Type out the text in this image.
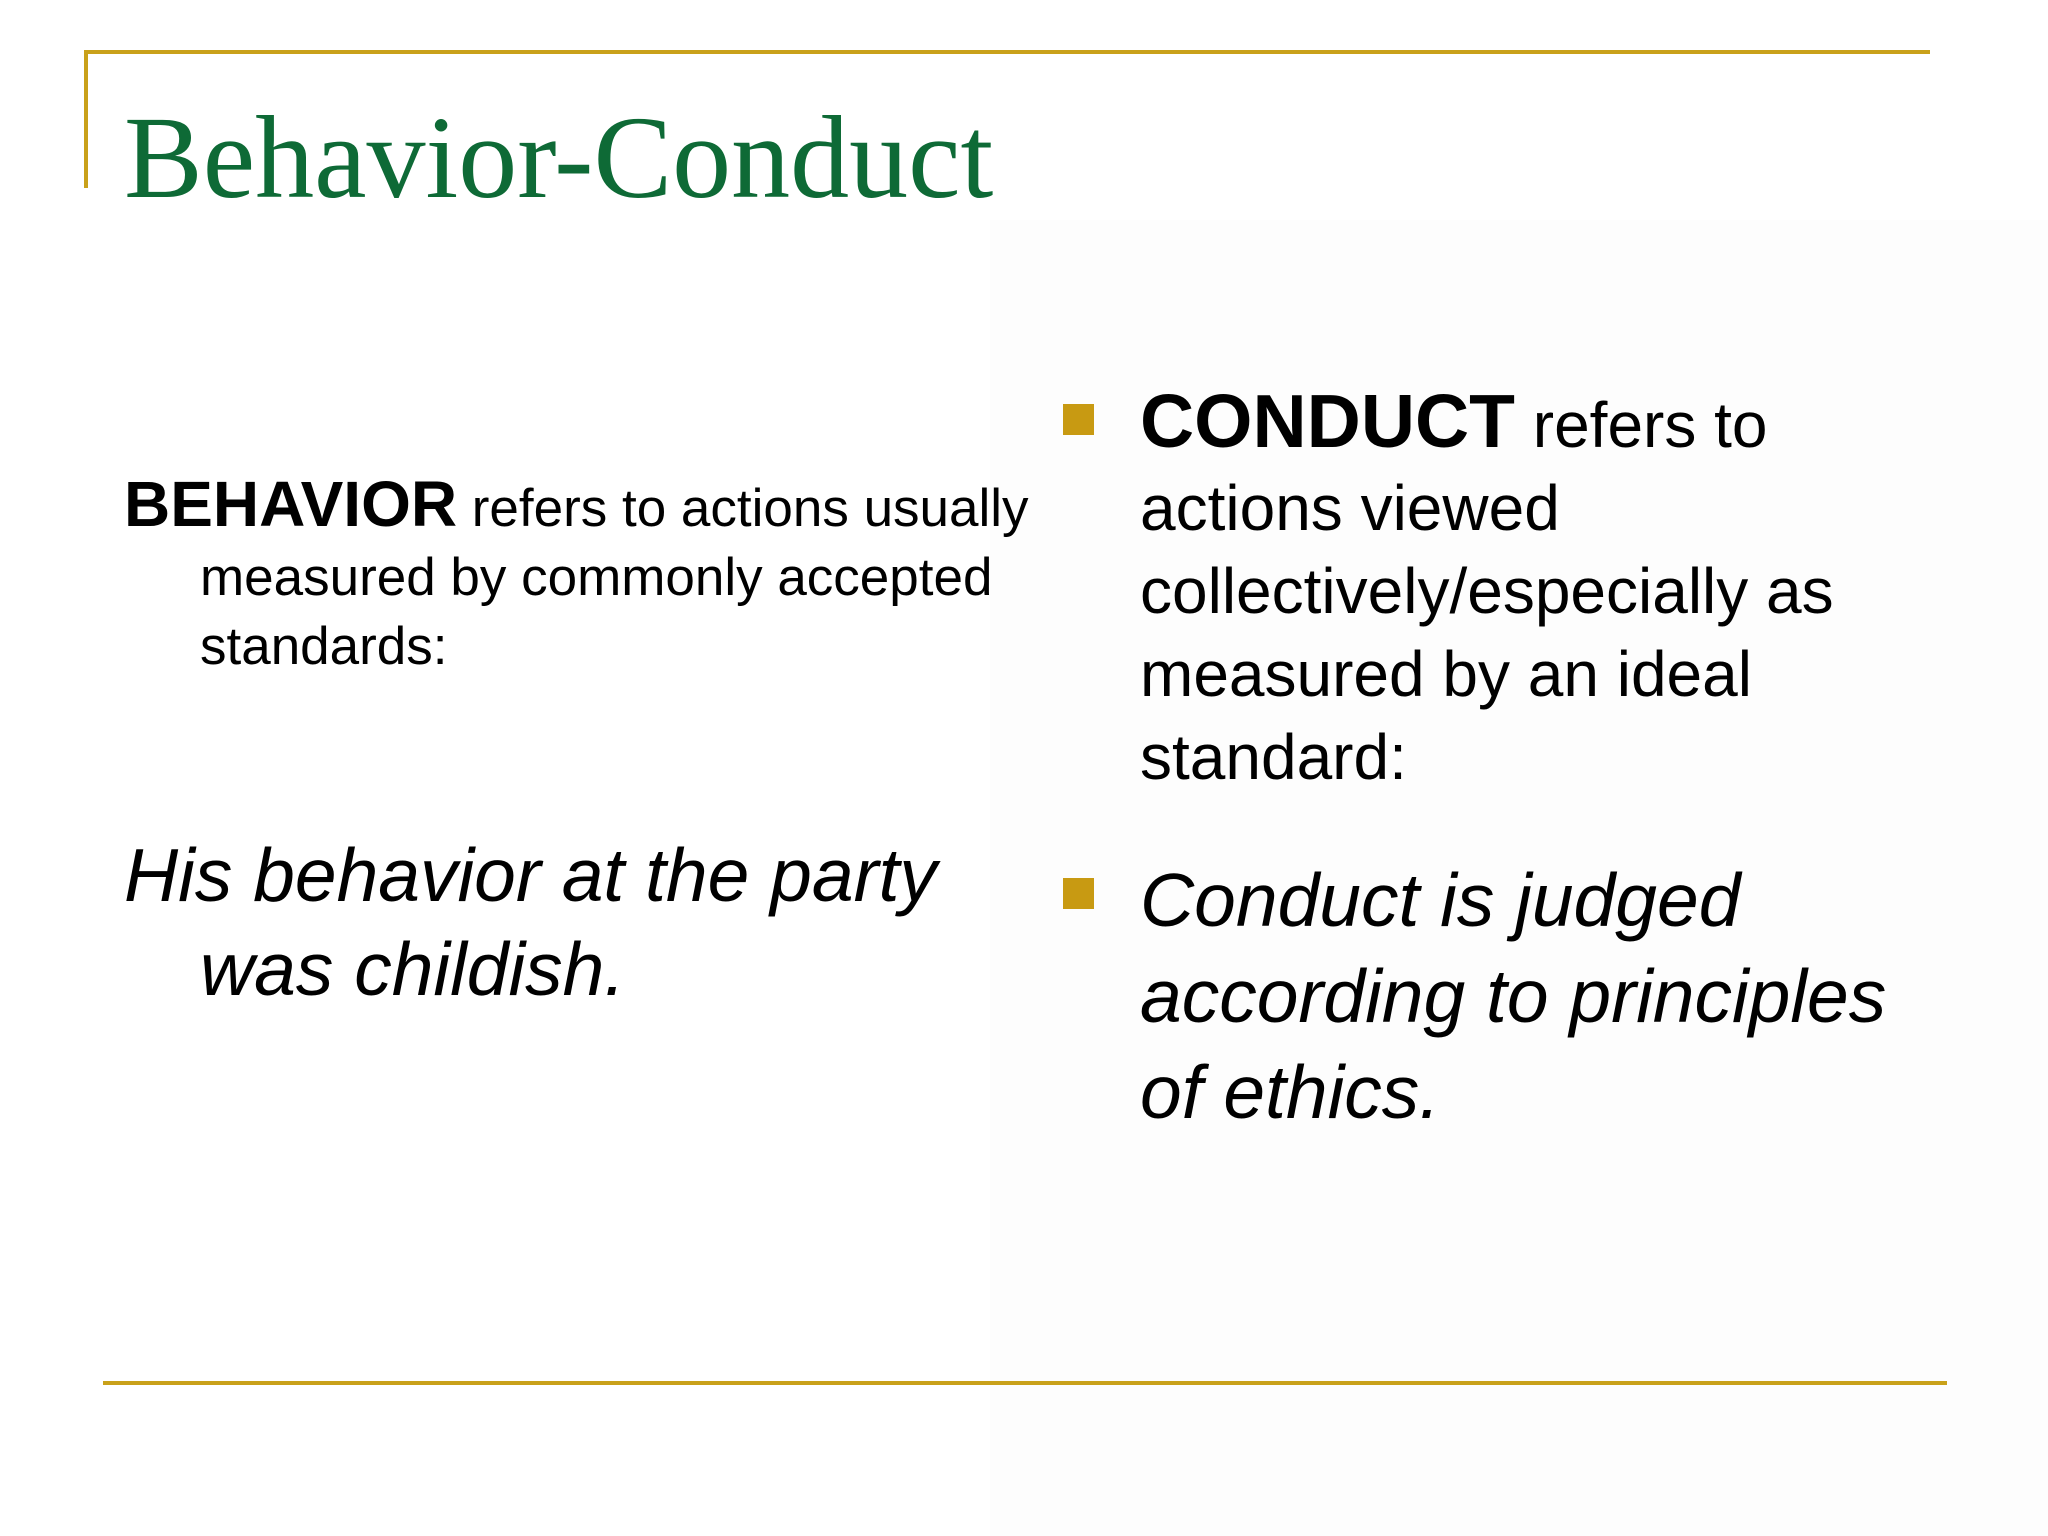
Behavior-Conduct
BEHAVIOR refers to actions usually measured by commonly accepted standards:
His behavior at the party was childish.
CONDUCT refers to actions viewed collectively/especially as measured by an ideal standard:
Conduct is judged according to principles of ethics.
